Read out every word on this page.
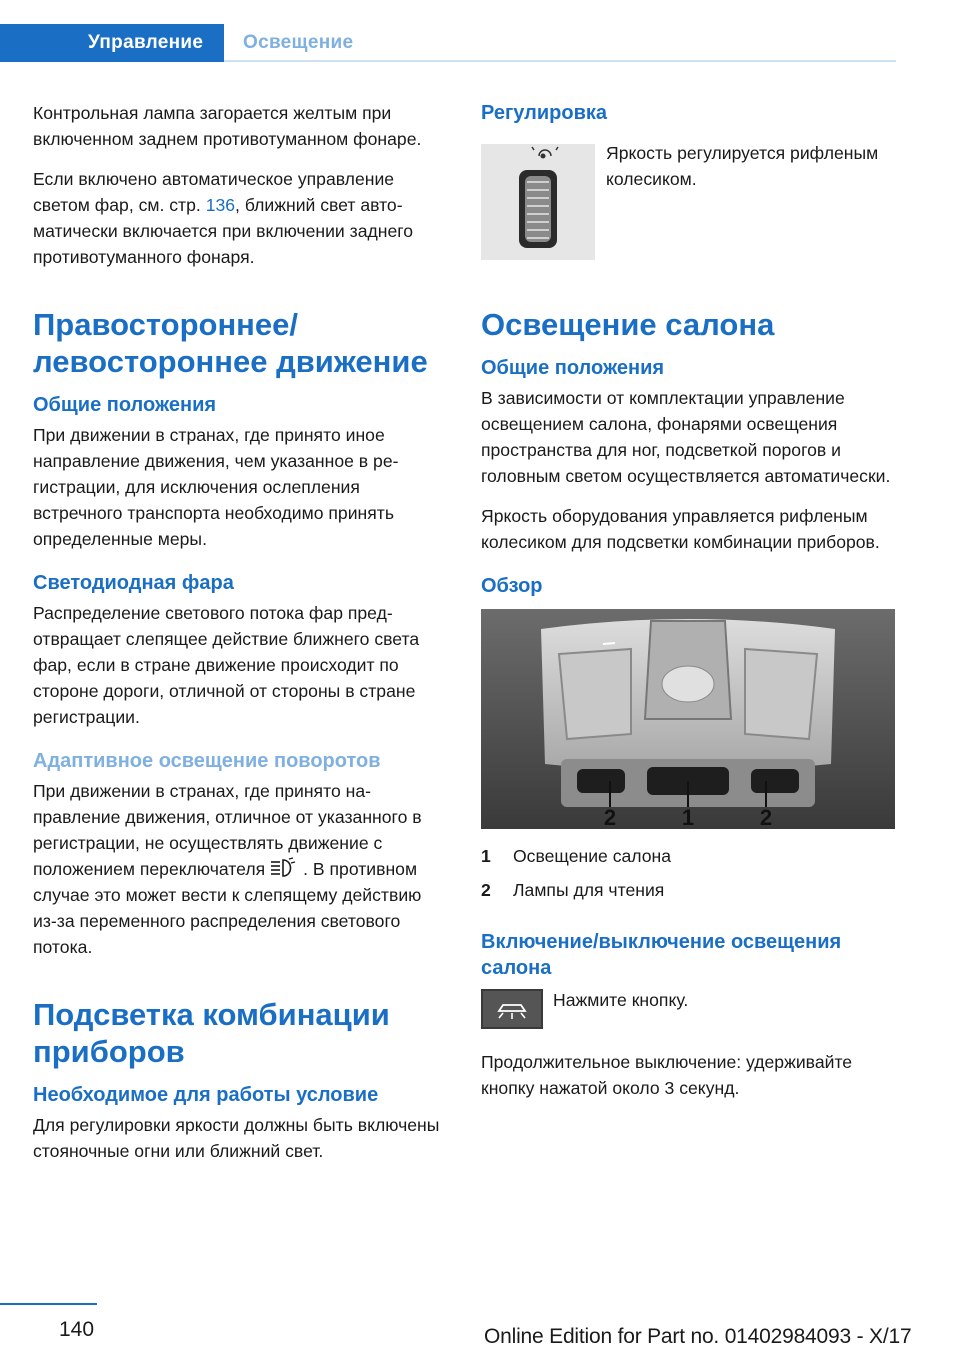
Управление	Освещение

Контрольная лампа загорается желтым при включенном заднем противотуманном фонаре.

Если включено автоматическое управление светом фар, см. стр. 136, ближний свет автоматически включается при включении заднего противотуманного фонаря.

Правостороннее/ левостороннее движение
Общие положения

При движении в странах, где принято иное направление движения, чем указанное в регистрации, для исключения ослепления встречного транспорта необходимо принять определенные меры.

Светодиодная фара

Распределение светового потока фар предотвращает слепящее действие ближнего света фар, если в стране движение происходит по стороне дороги, отличной от стороны в стране регистрации.

Адаптивное освещение поворотов

При движении в странах, где принято направление движения, отличное от указанного в регистрации, не осуществлять движение с положением переключателя . В противном случае это может вести к слепящему действию из-за переменного распределения светового потока.

Подсветка комбинации приборов
Необходимое для работы условие

Для регулировки яркости должны быть включены стояночные огни или ближний свет.

Регулировка

Яркость регулируется рифленым колесиком.

Освещение салона
Общие положения

В зависимости от комплектации управление освещением салона, фонарями освещения пространства для ног, подсветкой порогов и головным светом осуществляется автоматически.

Яркость оборудования управляется рифленым колесиком для подсветки комбинации приборов.

Обзор
2	1	2
1	Освещение салона
2	Лампы для чтения
Включение/выключение освещения салона

Нажмите кнопку.

Продолжительное выключение: удерживайте кнопку нажатой около 3 секунд.

140	Online Edition for Part no. 01402984093 - X/17
